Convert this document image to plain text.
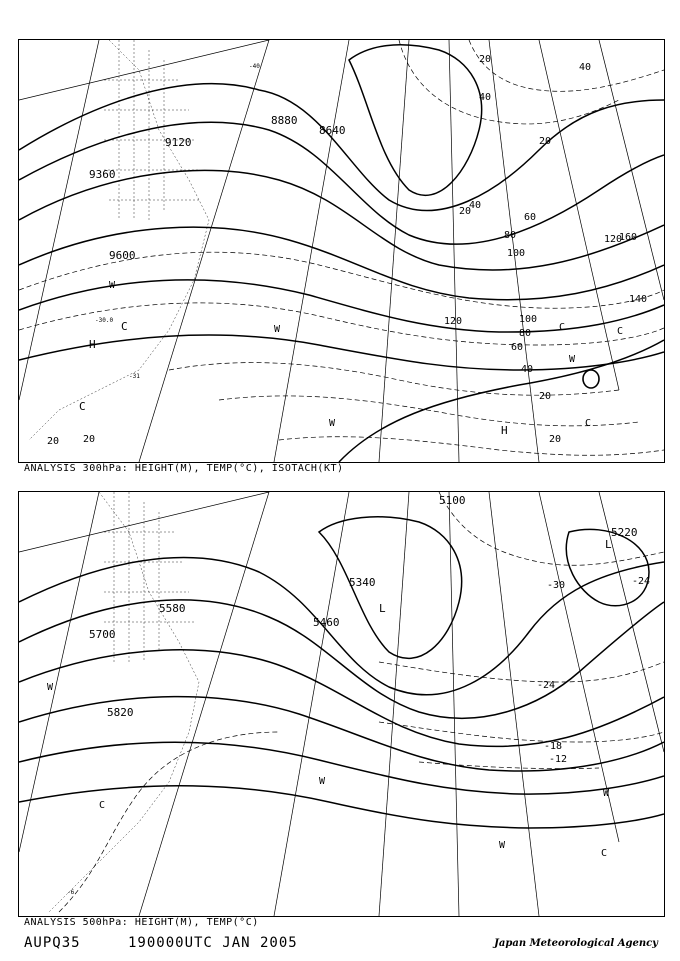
8880
8640
9120
9360
9600
20
40
40
20
20
40
60
80
100
120
140
160
120	100
80
60
40
20
20 20	20
-30.0
-40
-31
C
H
C
W
W	C
W
C
W	C
H
ANALYSIS 300hPa: HEIGHT(M), TEMP(°C), ISOTACH(KT)
5100
5220
5340
5460
5580
5700
5820
-30	-24
-24
-18
-12
-6
L
L
W
W
C
W
C
W
ANALYSIS 500hPa: HEIGHT(M), TEMP(°C)
AUPQ35	190000UTC JAN 2005	Japan Meteorological Agency
